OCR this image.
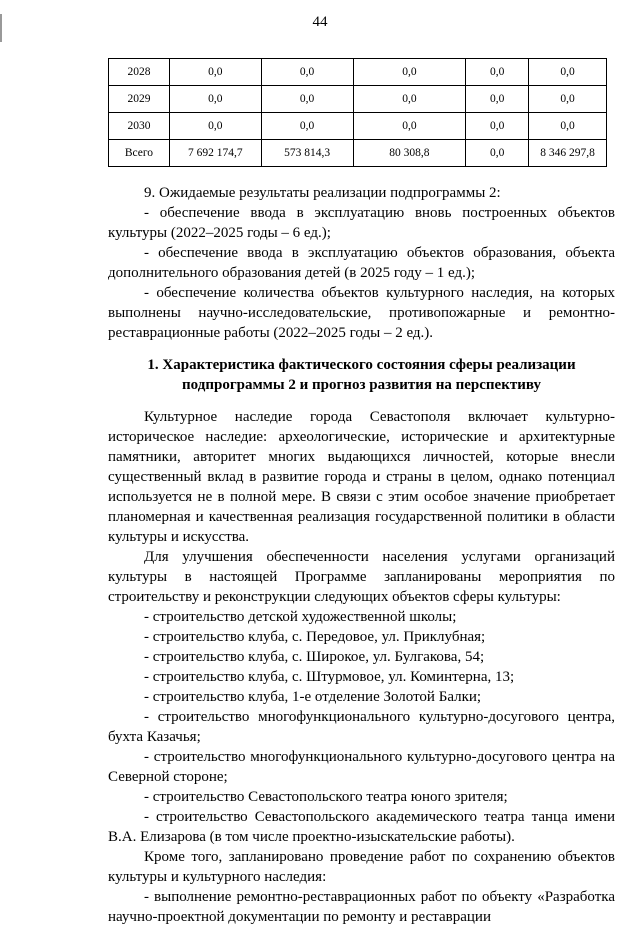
44
2028	0,0	0,0	0,0	0,0	0,0
2029	0,0	0,0	0,0	0,0	0,0
2030	0,0	0,0	0,0	0,0	0,0
Всего	7 692 174,7	573 814,3	80 308,8	0,0	8 346 297,8

9. Ожидаемые результаты реализации подпрограммы 2:

- обеспечение ввода в эксплуатацию вновь построенных объектов культуры (2022–2025 годы – 6 ед.);

- обеспечение ввода в эксплуатацию объектов образования, объекта дополнительного образования детей (в 2025 году – 1 ед.);

- обеспечение количества объектов культурного наследия, на которых выполнены научно-исследовательские, противопожарные и ремонтно-реставрационные работы (2022–2025 годы – 2 ед.).

1. Характеристика фактического состояния сферы реализации
подпрограммы 2 и прогноз развития на перспективу

Культурное наследие города Севастополя включает культурно-историческое наследие: археологические, исторические и архитектурные памятники, авторитет многих выдающихся личностей, которые внесли существенный вклад в развитие города и страны в целом, однако потенциал используется не в полной мере. В связи с этим особое значение приобретает планомерная и качественная реализация государственной политики в области культуры и искусства.

Для улучшения обеспеченности населения услугами организаций культуры в настоящей Программе запланированы мероприятия по строительству и реконструкции следующих объектов сферы культуры:

- строительство детской художественной школы;

- строительство клуба, с. Передовое, ул. Приклубная;

- строительство клуба, с. Широкое, ул. Булгакова, 54;

- строительство клуба, с. Штурмовое, ул. Коминтерна, 13;

- строительство клуба, 1-е отделение Золотой Балки;

- строительство многофункционального культурно-досугового центра, бухта Казачья;

- строительство многофункционального культурно-досугового центра на Северной стороне;

- строительство Севастопольского театра юного зрителя;

- строительство Севастопольского академического театра танца имени В.А. Елизарова (в том числе проектно-изыскательские работы).

Кроме того, запланировано проведение работ по сохранению объектов культуры и культурного наследия:

- выполнение ремонтно-реставрационных работ по объекту «Разработка научно-проектной документации по ремонту и реставрации
